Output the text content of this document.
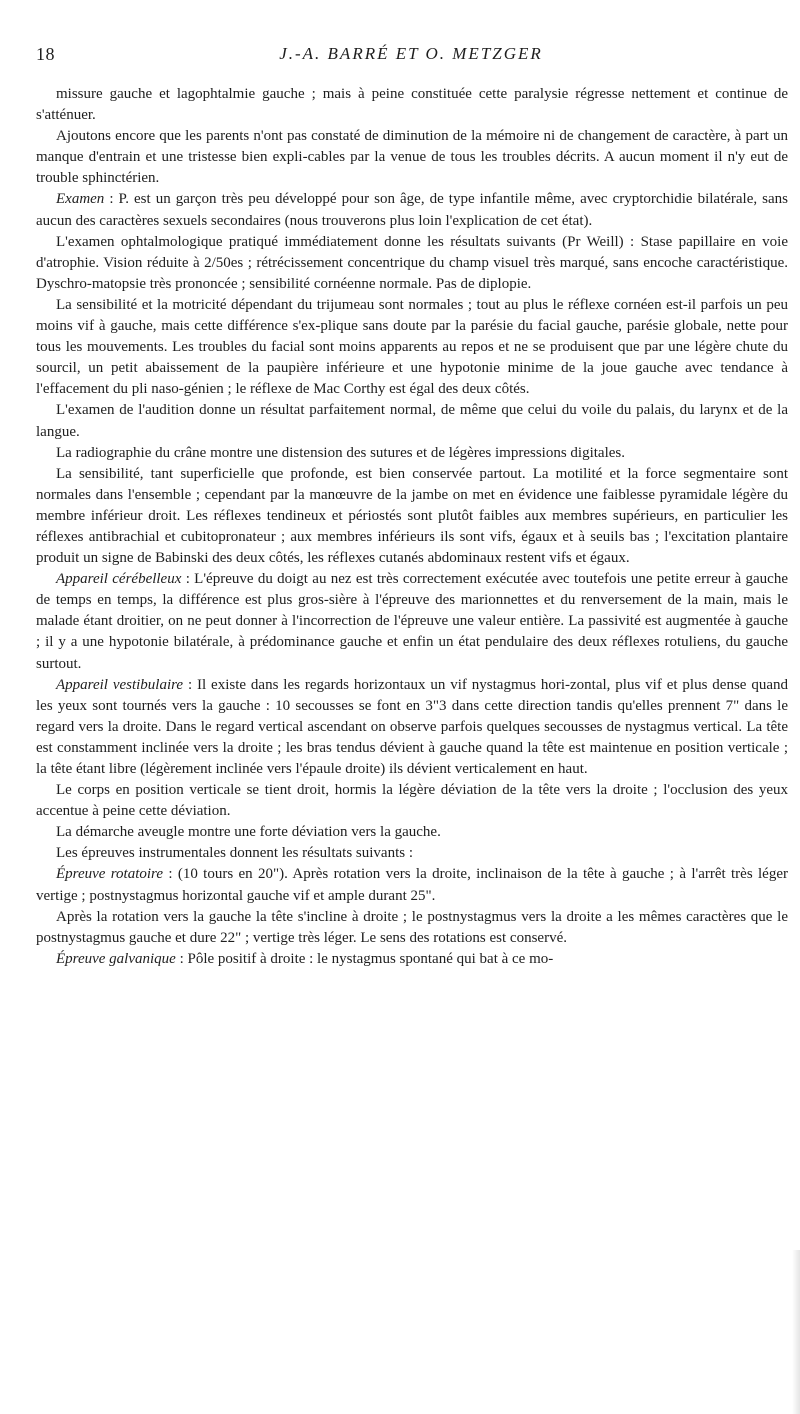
18	J.-A. BARRÉ ET O. METZGER

missure gauche et lagophtalmie gauche ; mais à peine constituée cette paralysie régresse nettement et continue de s'atténuer.

Ajoutons encore que les parents n'ont pas constaté de diminution de la mémoire ni de changement de caractère, à part un manque d'entrain et une tristesse bien expli-cables par la venue de tous les troubles décrits. A aucun moment il n'y eut de trouble sphinctérien.

Examen : P. est un garçon très peu développé pour son âge, de type infantile même, avec cryptorchidie bilatérale, sans aucun des caractères sexuels secondaires (nous trouverons plus loin l'explication de cet état).

L'examen ophtalmologique pratiqué immédiatement donne les résultats suivants (Pr Weill) : Stase papillaire en voie d'atrophie. Vision réduite à 2/50es ; rétrécissement concentrique du champ visuel très marqué, sans encoche caractéristique. Dyschro-matopsie très prononcée ; sensibilité cornéenne normale. Pas de diplopie.

La sensibilité et la motricité dépendant du trijumeau sont normales ; tout au plus le réflexe cornéen est-il parfois un peu moins vif à gauche, mais cette différence s'ex-plique sans doute par la parésie du facial gauche, parésie globale, nette pour tous les mouvements. Les troubles du facial sont moins apparents au repos et ne se produisent que par une légère chute du sourcil, un petit abaissement de la paupière inférieure et une hypotonie minime de la joue gauche avec tendance à l'effacement du pli naso-génien ; le réflexe de Mac Corthy est égal des deux côtés.

L'examen de l'audition donne un résultat parfaitement normal, de même que celui du voile du palais, du larynx et de la langue.

La radiographie du crâne montre une distension des sutures et de légères impressions digitales.

La sensibilité, tant superficielle que profonde, est bien conservée partout. La motilité et la force segmentaire sont normales dans l'ensemble ; cependant par la manœuvre de la jambe on met en évidence une faiblesse pyramidale légère du membre inférieur droit. Les réflexes tendineux et périostés sont plutôt faibles aux membres supérieurs, en particulier les réflexes antibrachial et cubitopronateur ; aux membres inférieurs ils sont vifs, égaux et à seuils bas ; l'excitation plantaire produit un signe de Babinski des deux côtés, les réflexes cutanés abdominaux restent vifs et égaux.

Appareil cérébelleux : L'épreuve du doigt au nez est très correctement exécutée avec toutefois une petite erreur à gauche de temps en temps, la différence est plus gros-sière à l'épreuve des marionnettes et du renversement de la main, mais le malade étant droitier, on ne peut donner à l'incorrection de l'épreuve une valeur entière. La passivité est augmentée à gauche ; il y a une hypotonie bilatérale, à prédominance gauche et enfin un état pendulaire des deux réflexes rotuliens, du gauche surtout.

Appareil vestibulaire : Il existe dans les regards horizontaux un vif nystagmus hori-zontal, plus vif et plus dense quand les yeux sont tournés vers la gauche : 10 secousses se font en 3"3 dans cette direction tandis qu'elles prennent 7" dans le regard vers la droite. Dans le regard vertical ascendant on observe parfois quelques secousses de nystagmus vertical. La tête est constamment inclinée vers la droite ; les bras tendus dévient à gauche quand la tête est maintenue en position verticale ; la tête étant libre (légèrement inclinée vers l'épaule droite) ils dévient verticalement en haut.

Le corps en position verticale se tient droit, hormis la légère déviation de la tête vers la droite ; l'occlusion des yeux accentue à peine cette déviation.

La démarche aveugle montre une forte déviation vers la gauche.

Les épreuves instrumentales donnent les résultats suivants :

Épreuve rotatoire : (10 tours en 20"). Après rotation vers la droite, inclinaison de la tête à gauche ; à l'arrêt très léger vertige ; postnystagmus horizontal gauche vif et ample durant 25".

Après la rotation vers la gauche la tête s'incline à droite ; le postnystagmus vers la droite a les mêmes caractères que le postnystagmus gauche et dure 22" ; vertige très léger. Le sens des rotations est conservé.

Épreuve galvanique : Pôle positif à droite : le nystagmus spontané qui bat à ce mo-
